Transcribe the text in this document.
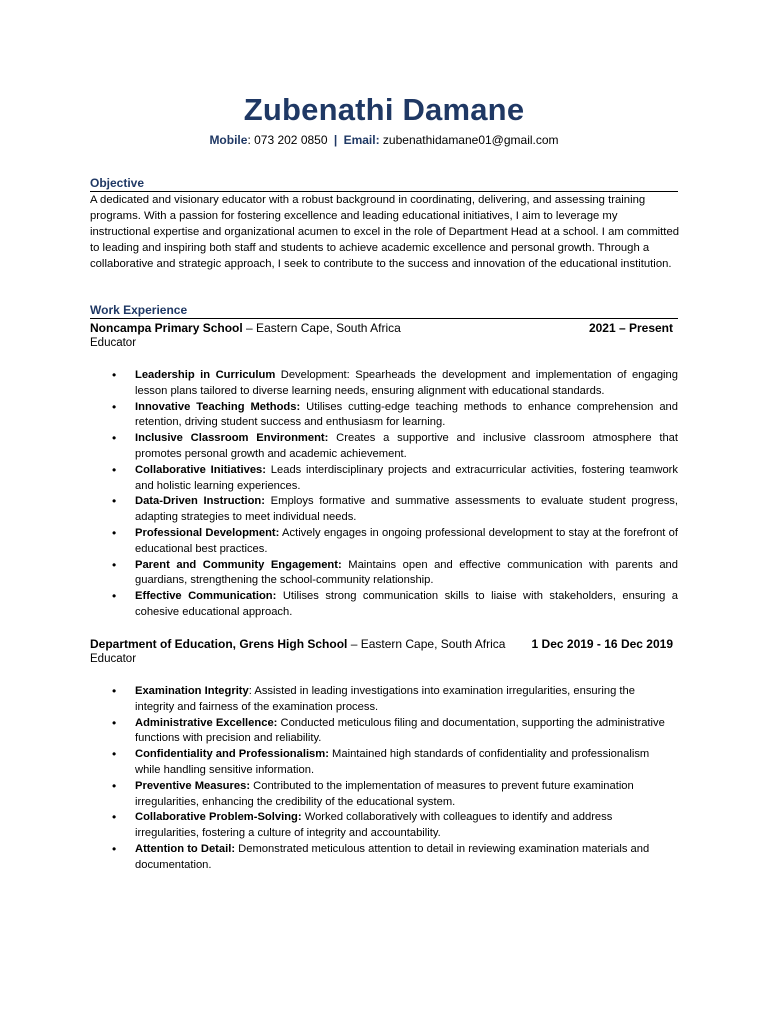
Zubenathi Damane
Mobile: 073 202 0850 | Email: zubenathidamane01@gmail.com
Objective
A dedicated and visionary educator with a robust background in coordinating, delivering, and assessing training programs. With a passion for fostering excellence and leading educational initiatives, I aim to leverage my instructional expertise and organizational acumen to excel in the role of Department Head at a school. I am committed to leading and inspiring both staff and students to achieve academic excellence and personal growth. Through a collaborative and strategic approach, I seek to contribute to the success and innovation of the educational institution.
Work Experience
Noncampa Primary School – Eastern Cape, South Africa	2021 – Present
Educator
• Leadership in Curriculum Development: Spearheads the development and implementation of engaging lesson plans tailored to diverse learning needs, ensuring alignment with educational standards.
• Innovative Teaching Methods: Utilises cutting-edge teaching methods to enhance comprehension and retention, driving student success and enthusiasm for learning.
• Inclusive Classroom Environment: Creates a supportive and inclusive classroom atmosphere that promotes personal growth and academic achievement.
• Collaborative Initiatives: Leads interdisciplinary projects and extracurricular activities, fostering teamwork and holistic learning experiences.
• Data-Driven Instruction: Employs formative and summative assessments to evaluate student progress, adapting strategies to meet individual needs.
• Professional Development: Actively engages in ongoing professional development to stay at the forefront of educational best practices.
• Parent and Community Engagement: Maintains open and effective communication with parents and guardians, strengthening the school-community relationship.
• Effective Communication: Utilises strong communication skills to liaise with stakeholders, ensuring a cohesive educational approach.
Department of Education, Grens High School – Eastern Cape, South Africa 1 Dec 2019 - 16 Dec 2019
Educator
• Examination Integrity: Assisted in leading investigations into examination irregularities, ensuring the integrity and fairness of the examination process.
• Administrative Excellence: Conducted meticulous filing and documentation, supporting the administrative functions with precision and reliability.
• Confidentiality and Professionalism: Maintained high standards of confidentiality and professionalism while handling sensitive information.
• Preventive Measures: Contributed to the implementation of measures to prevent future examination irregularities, enhancing the credibility of the educational system.
• Collaborative Problem-Solving: Worked collaboratively with colleagues to identify and address irregularities, fostering a culture of integrity and accountability.
• Attention to Detail: Demonstrated meticulous attention to detail in reviewing examination materials and documentation.
